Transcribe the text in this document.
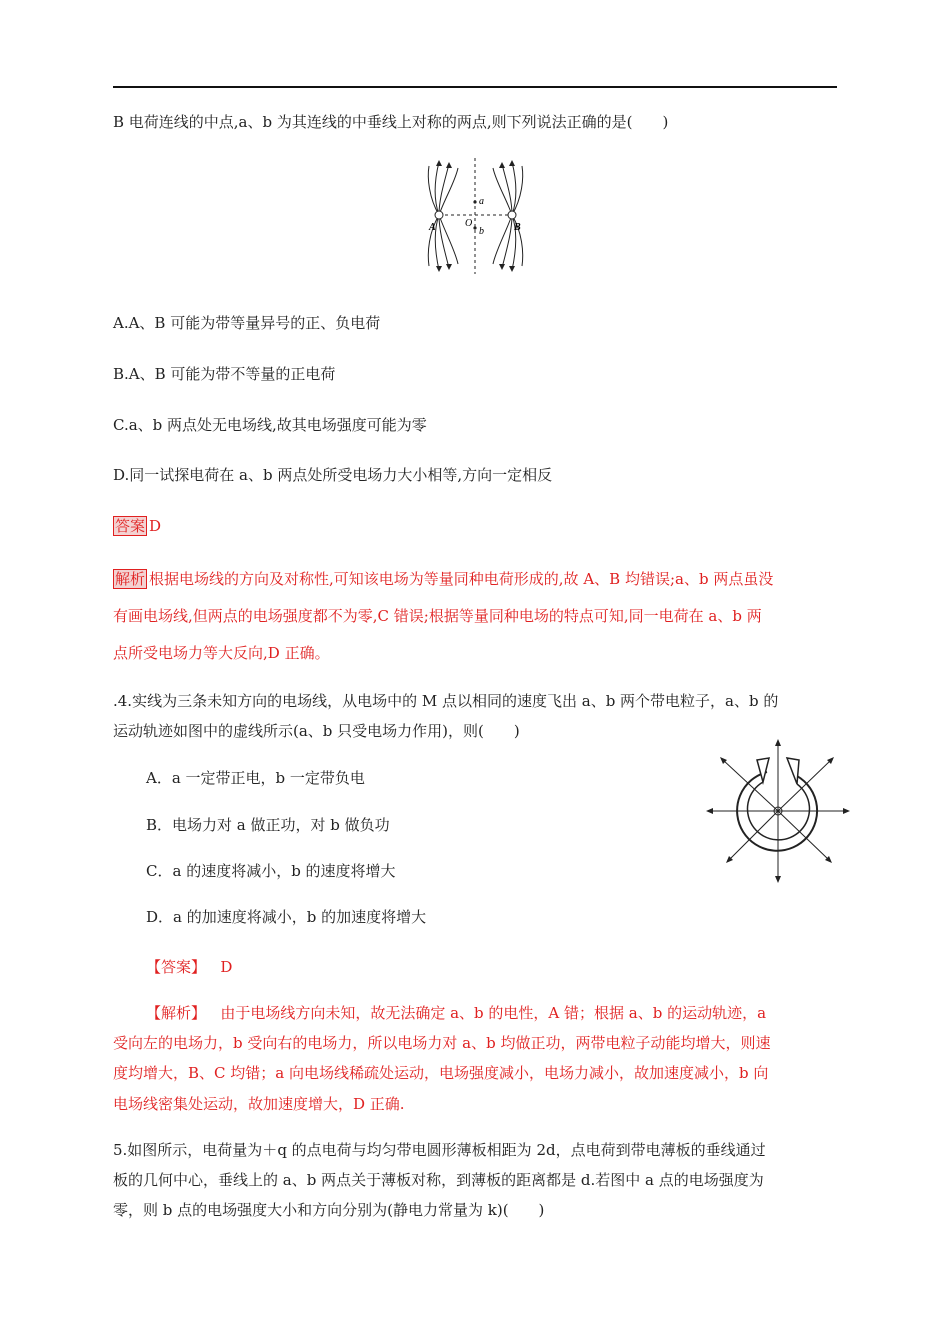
B 电荷连线的中点,a、b 为其连线的中垂线上对称的两点,则下列说法正确的是(　　)
a
b
A	B
O
A.A、B 可能为带等量异号的正、负电荷
B.A、B 可能为带不等量的正电荷
C.a、b 两点处无电场线,故其电场强度可能为零
D.同一试探电荷在 a、b 两点处所受电场力大小相等,方向一定相反
答案 D
解析 根据电场线的方向及对称性,可知该电场为等量同种电荷形成的,故 A、B 均错误;a、b 两点虽没
有画电场线,但两点的电场强度都不为零,C 错误;根据等量同种电场的特点可知,同一电荷在 a、b 两
点所受电场力等大反向,D 正确。
.4.实线为三条未知方向的电场线，从电场中的 M 点以相同的速度飞出 a、b 两个带电粒子，a、b 的
运动轨迹如图中的虚线所示(a、b 只受电场力作用)，则(　　)
A．a 一定带正电，b 一定带负电
B．电场力对 a 做正功，对 b 做负功
C．a 的速度将减小，b 的速度将增大
D．a 的加速度将减小，b 的加速度将增大
【答案】 D
【解析】 由于电场线方向未知，故无法确定 a、b 的电性，A 错；根据 a、b 的运动轨迹，a
受向左的电场力，b 受向右的电场力，所以电场力对 a、b 均做正功，两带电粒子动能均增大，则速
度均增大，B、C 均错；a 向电场线稀疏处运动，电场强度减小，电场力减小，故加速度减小，b 向
电场线密集处运动，故加速度增大，D 正确.
5.如图所示，电荷量为＋q 的点电荷与均匀带电圆形薄板相距为 2d，点电荷到带电薄板的垂线通过
板的几何中心，垂线上的 a、b 两点关于薄板对称，到薄板的距离都是 d.若图中 a 点的电场强度为
零，则 b 点的电场强度大小和方向分别为(静电力常量为 k)(　　)
